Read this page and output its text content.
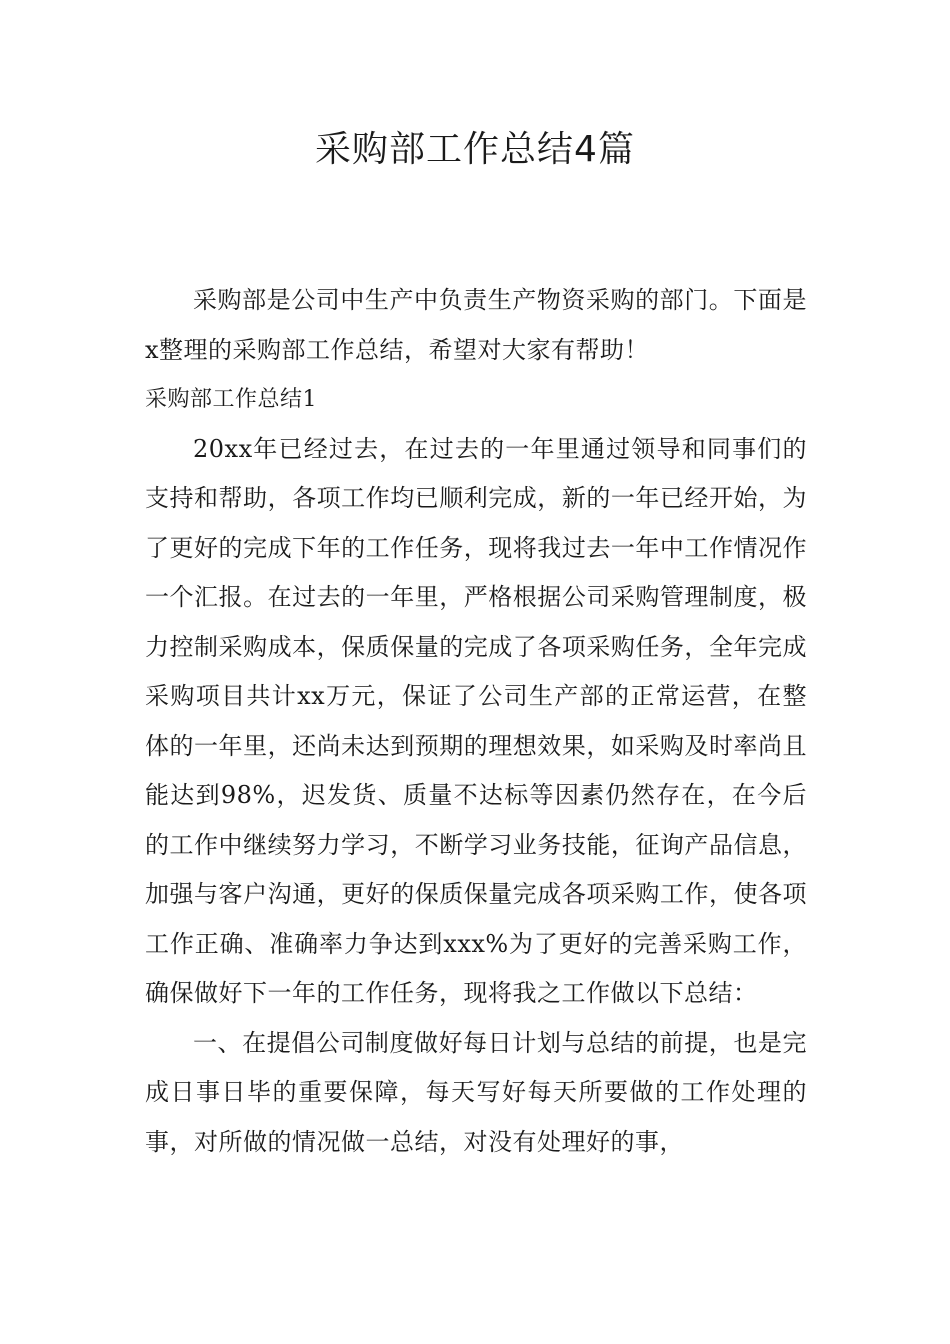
采购部工作总结4篇

采购部是公司中生产中负责生产物资采购的部门。下面是x整理的采购部工作总结，希望对大家有帮助！

采购部工作总结1

20xx年已经过去，在过去的一年里通过领导和同事们的支持和帮助，各项工作均已顺利完成，新的一年已经开始，为了更好的完成下年的工作任务，现将我过去一年中工作情况作一个汇报。在过去的一年里，严格根据公司采购管理制度，极力控制采购成本，保质保量的完成了各项采购任务，全年完成采购项目共计xx万元，保证了公司生产部的正常运营，在整体的一年里，还尚未达到预期的理想效果，如采购及时率尚且能达到98%，迟发货、质量不达标等因素仍然存在，在今后的工作中继续努力学习，不断学习业务技能，征询产品信息，加强与客户沟通，更好的保质保量完成各项采购工作，使各项工作正确、准确率力争达到xxx%为了更好的完善采购工作，确保做好下一年的工作任务，现将我之工作做以下总结：

一、在提倡公司制度做好每日计划与总结的前提，也是完成日事日毕的重要保障，每天写好每天所要做的工作处理的事，对所做的情况做一总结，对没有处理好的事，
